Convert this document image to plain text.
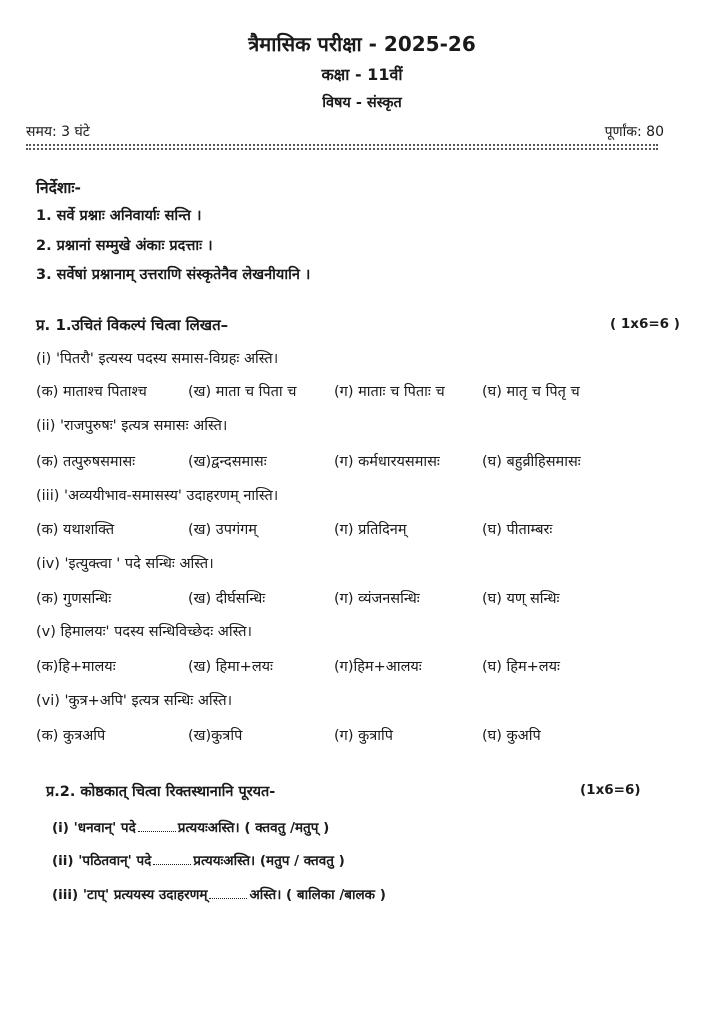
त्रैमासिक परीक्षा - 2025-26
कक्षा - 11वीं
विषय - संस्कृत
समय: 3 घंटे	पूर्णांक: 80
निर्देशाः-
1. सर्वे प्रश्नाः अनिवार्याः सन्ति ।
2. प्रश्नानां सम्मुखे अंकाः प्रदत्ताः ।
3. सर्वेषां प्रश्नानाम् उत्तराणि संस्कृतेनैव लेखनीयानि ।
प्र. 1.उचितं विकल्पं चित्वा लिखत–	( 1x6=6 )
(i) 'पितरौ' इत्यस्य पदस्य समास-विग्रहः अस्ति।
(क) माताश्च पिताश्च	(ख) माता च पिता च	(ग) माताः च पिताः च	(घ) मातृ च पितृ च
(ii) 'राजपुरुषः' इत्यत्र समासः अस्ति।
(क) तत्पुरुषसमासः	(ख)द्वन्दसमासः	(ग) कर्मधारयसमासः	(घ) बहुव्रीहिसमासः
(iii) 'अव्ययीभाव-समासस्य' उदाहरणम् नास्ति।
(क) यथाशक्ति	(ख) उपगंगम्	(ग) प्रतिदिनम्	(घ) पीताम्बरः
(iv) 'इत्युक्त्वा ' पदे सन्धिः अस्ति।
(क) गुणसन्धिः	(ख) दीर्घसन्धिः	(ग) व्यंजनसन्धिः	(घ) यण् सन्धिः
(v) हिमालयः' पदस्य सन्धिविच्छेदः अस्ति।
(क)हि+मालयः	(ख) हिमा+लयः	(ग)हिम+आलयः	(घ) हिम+लयः
(vi) 'कुत्र+अपि' इत्यत्र सन्धिः अस्ति।
(क) कुत्रअपि	(ख)कुत्रपि	(ग) कुत्रापि	(घ) कुअपि
प्र.2. कोष्ठकात् चित्वा रिक्तस्थानानि पूरयत-	(1x6=6)
(i) 'धनवान्' पदे	प्रत्ययःअस्ति। ( क्तवतु /मतुप् )
(ii) 'पठितवान्' पदे	प्रत्ययःअस्ति। (मतुप / क्तवतु )
(iii) 'टाप्' प्रत्ययस्य उदाहरणम्	अस्ति। ( बालिका /बालक )
